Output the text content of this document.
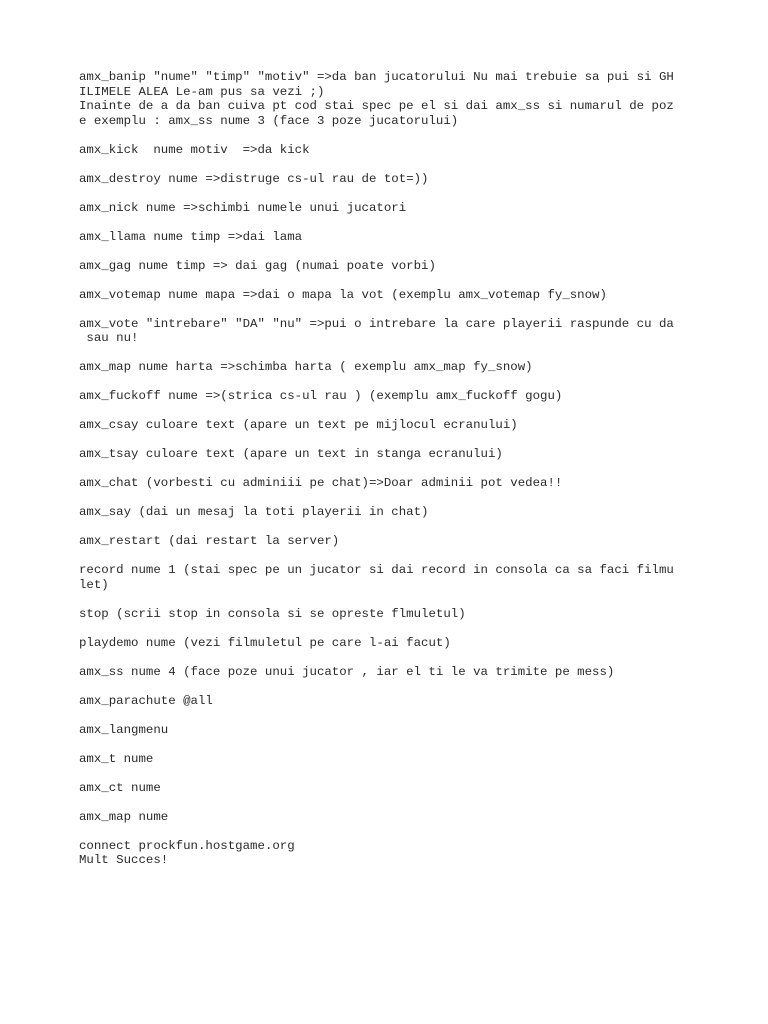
amx_banip "nume" "timp" "motiv" =>da ban jucatorului Nu mai trebuie sa pui si GH
ILIMELE ALEA Le-am pus sa vezi ;)
Inainte de a da ban cuiva pt cod stai spec pe el si dai amx_ss si numarul de poz
e exemplu : amx_ss nume 3 (face 3 poze jucatorului)
amx_kick  nume motiv  =>da kick
amx_destroy nume =>distruge cs-ul rau de tot=))
amx_nick nume =>schimbi numele unui jucatori
amx_llama nume timp =>dai lama
amx_gag nume timp => dai gag (numai poate vorbi)
amx_votemap nume mapa =>dai o mapa la vot (exemplu amx_votemap fy_snow)
amx_vote "intrebare" "DA" "nu" =>pui o intrebare la care playerii raspunde cu da
sau nu!
amx_map nume harta =>schimba harta ( exemplu amx_map fy_snow)
amx_fuckoff nume =>(strica cs-ul rau ) (exemplu amx_fuckoff gogu)
amx_csay culoare text (apare un text pe mijlocul ecranului)
amx_tsay culoare text (apare un text in stanga ecranului)
amx_chat (vorbesti cu adminiii pe chat)=>Doar adminii pot vedea!!
amx_say (dai un mesaj la toti playerii in chat)
amx_restart (dai restart la server)
record nume 1 (stai spec pe un jucator si dai record in consola ca sa faci filmu
let)
stop (scrii stop in consola si se opreste flmuletul)
playdemo nume (vezi filmuletul pe care l-ai facut)
amx_ss nume 4 (face poze unui jucator , iar el ti le va trimite pe mess)
amx_parachute @all
amx_langmenu
amx_t nume
amx_ct nume
amx_map nume
connect prockfun.hostgame.org
Mult Succes!
